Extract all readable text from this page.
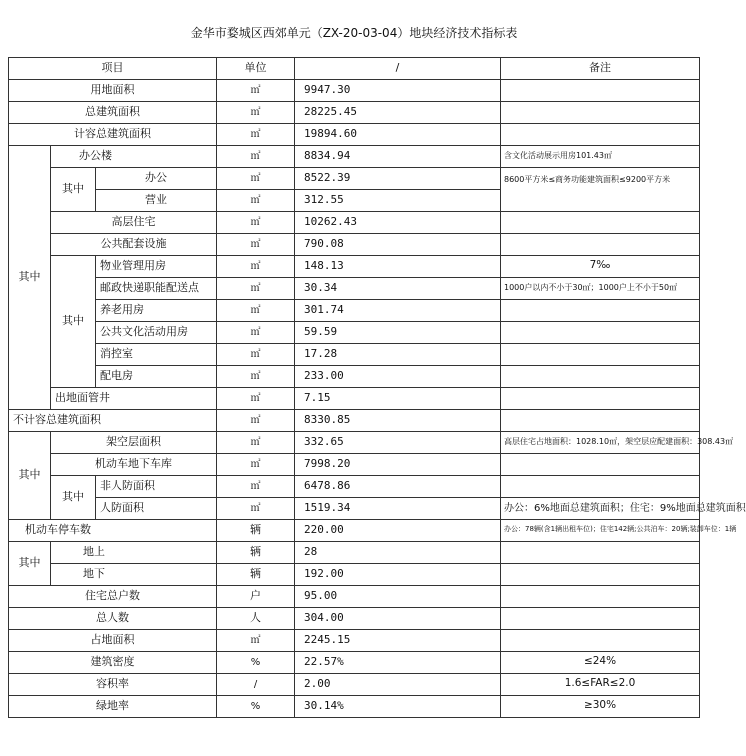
金华市婺城区西郊单元（ZX-20-03-04）地块经济技术指标表					
项目			单位	/	备注
用地面积			㎡	9947.30	
总建筑面积			㎡	28225.45	
计容总建筑面积			㎡	19894.60	
其中	办公楼		㎡	8834.94	含文化活动展示用房101.43㎡
	其中	办公	㎡	8522.39	8600平方米≤商务功能建筑面积≤9200平方米
		营业	㎡	312.55	
	高层住宅		㎡	10262.43	
	公共配套设施		㎡	790.08	
	其中	物业管理用房	㎡	148.13	7‰
		邮政快递职能配送点	㎡	30.34	1000户以内不小于30㎡；1000户上不小于50㎡
		养老用房	㎡	301.74	
		公共文化活动用房	㎡	59.59	
		消控室	㎡	17.28	
		配电房	㎡	233.00	
	出地面管井		㎡	7.15	
不计容总建筑面积			㎡	8330.85	
其中	架空层面积		㎡	332.65	高层住宅占地面积：1028.10㎡，架空层应配建面积：308.43㎡
	机动车地下车库		㎡	7998.20	
	其中	非人防面积	㎡	6478.86	
		人防面积	㎡	1519.34	办公：6%地面总建筑面积；住宅：9%地面总建筑面积
机动车停车数			辆	220.00	办公：78辆(含1辆出租车位)；住宅142辆;公共泊车：20辆;装卸车位：1辆
其中	地上		辆	28	
	地下		辆	192.00	
住宅总户数			户	95.00	
总人数			人	304.00	
占地面积			㎡	2245.15	
建筑密度			%	22.57%	≤24%
容积率			/	2.00	1.6≤FAR≤2.0
绿地率			%	30.14%	≥30%
